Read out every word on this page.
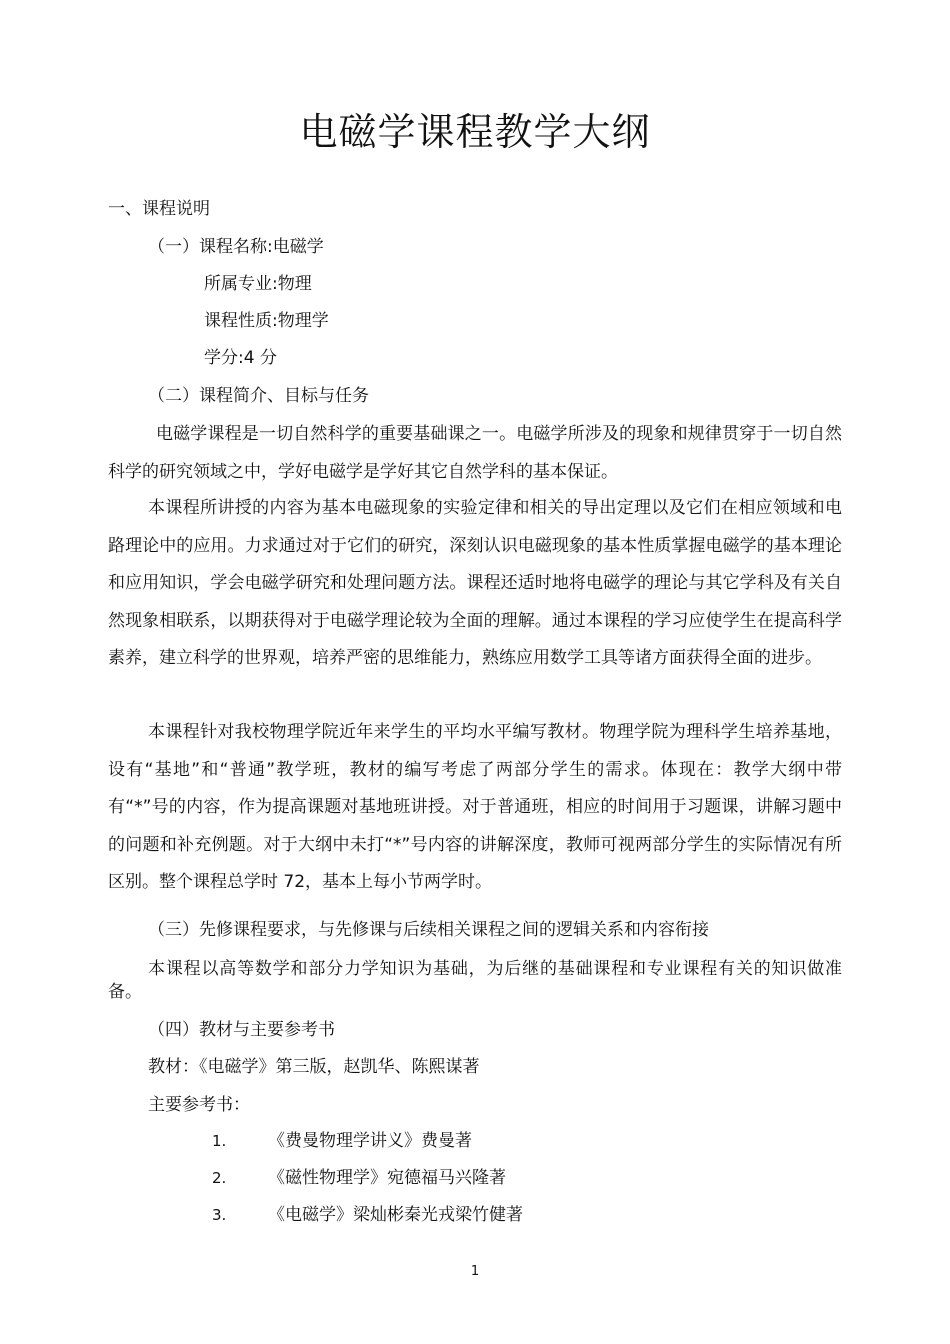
电磁学课程教学大纲
一、课程说明
（一）课程名称:电磁学
所属专业:物理
课程性质:物理学
学分:4 分
（二）课程简介、目标与任务

电磁学课程是一切自然科学的重要基础课之一。电磁学所涉及的现象和规律贯穿于一切自然科学的研究领域之中，学好电磁学是学好其它自然学科的基本保证。

本课程所讲授的内容为基本电磁现象的实验定律和相关的导出定理以及它们在相应领域和电路理论中的应用。力求通过对于它们的研究，深刻认识电磁现象的基本性质掌握电磁学的基本理论和应用知识，学会电磁学研究和处理问题方法。课程还适时地将电磁学的理论与其它学科及有关自然现象相联系，以期获得对于电磁学理论较为全面的理解。通过本课程的学习应使学生在提高科学素养，建立科学的世界观，培养严密的思维能力，熟练应用数学工具等诸方面获得全面的进步。

本课程针对我校物理学院近年来学生的平均水平编写教材。物理学院为理科学生培养基地，设有“基地”和“普通”教学班，教材的编写考虑了两部分学生的需求。体现在：教学大纲中带有“*”号的内容，作为提高课题对基地班讲授。对于普通班，相应的时间用于习题课，讲解习题中的问题和补充例题。对于大纲中未打“*”号内容的讲解深度，教师可视两部分学生的实际情况有所区别。整个课程总学时 72，基本上每小节两学时。

（三）先修课程要求，与先修课与后续相关课程之间的逻辑关系和内容衔接

本课程以高等数学和部分力学知识为基础，为后继的基础课程和专业课程有关的知识做准备。

（四）教材与主要参考书
教材：《电磁学》第三版，赵凯华、陈熙谋著
主要参考书：
1. 《费曼物理学讲义》费曼著
2. 《磁性物理学》宛德福马兴隆著
3. 《电磁学》梁灿彬秦光戎梁竹健著
1
